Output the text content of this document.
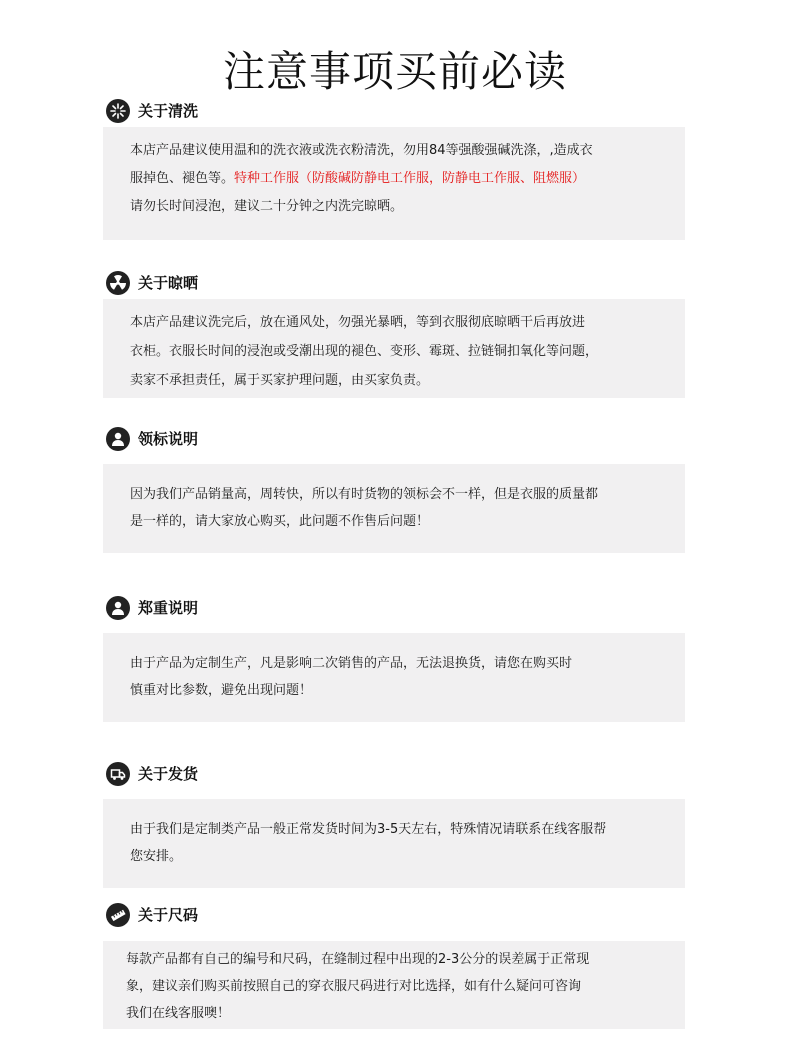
注意事项买前必读
关于清洗

本店产品建议使用温和的洗衣液或洗衣粉清洗，勿用84等强酸强碱洗涤，,造成衣

服掉色、褪色等。特种工作服（防酸碱防静电工作服，防静电工作服、阻燃服）

请勿长时间浸泡，建议二十分钟之内洗完晾晒。

关于晾晒

本店产品建议洗完后，放在通风处，勿强光暴晒，等到衣服彻底晾晒干后再放进

衣柜。衣服长时间的浸泡或受潮出现的褪色、变形、霉斑、拉链铜扣氧化等问题，

卖家不承担责任，属于买家护理问题，由买家负责。

领标说明

因为我们产品销量高，周转快，所以有时货物的领标会不一样，但是衣服的质量都

是一样的，请大家放心购买，此问题不作售后问题！

郑重说明

由于产品为定制生产，凡是影响二次销售的产品，无法退换货，请您在购买时

慎重对比参数，避免出现问题！

关于发货

由于我们是定制类产品一般正常发货时间为3-5天左右，特殊情况请联系在线客服帮

您安排。

关于尺码

每款产品都有自己的编号和尺码，在缝制过程中出现的2-3公分的误差属于正常现

象，建议亲们购买前按照自己的穿衣服尺码进行对比选择，如有什么疑问可咨询

我们在线客服噢！
